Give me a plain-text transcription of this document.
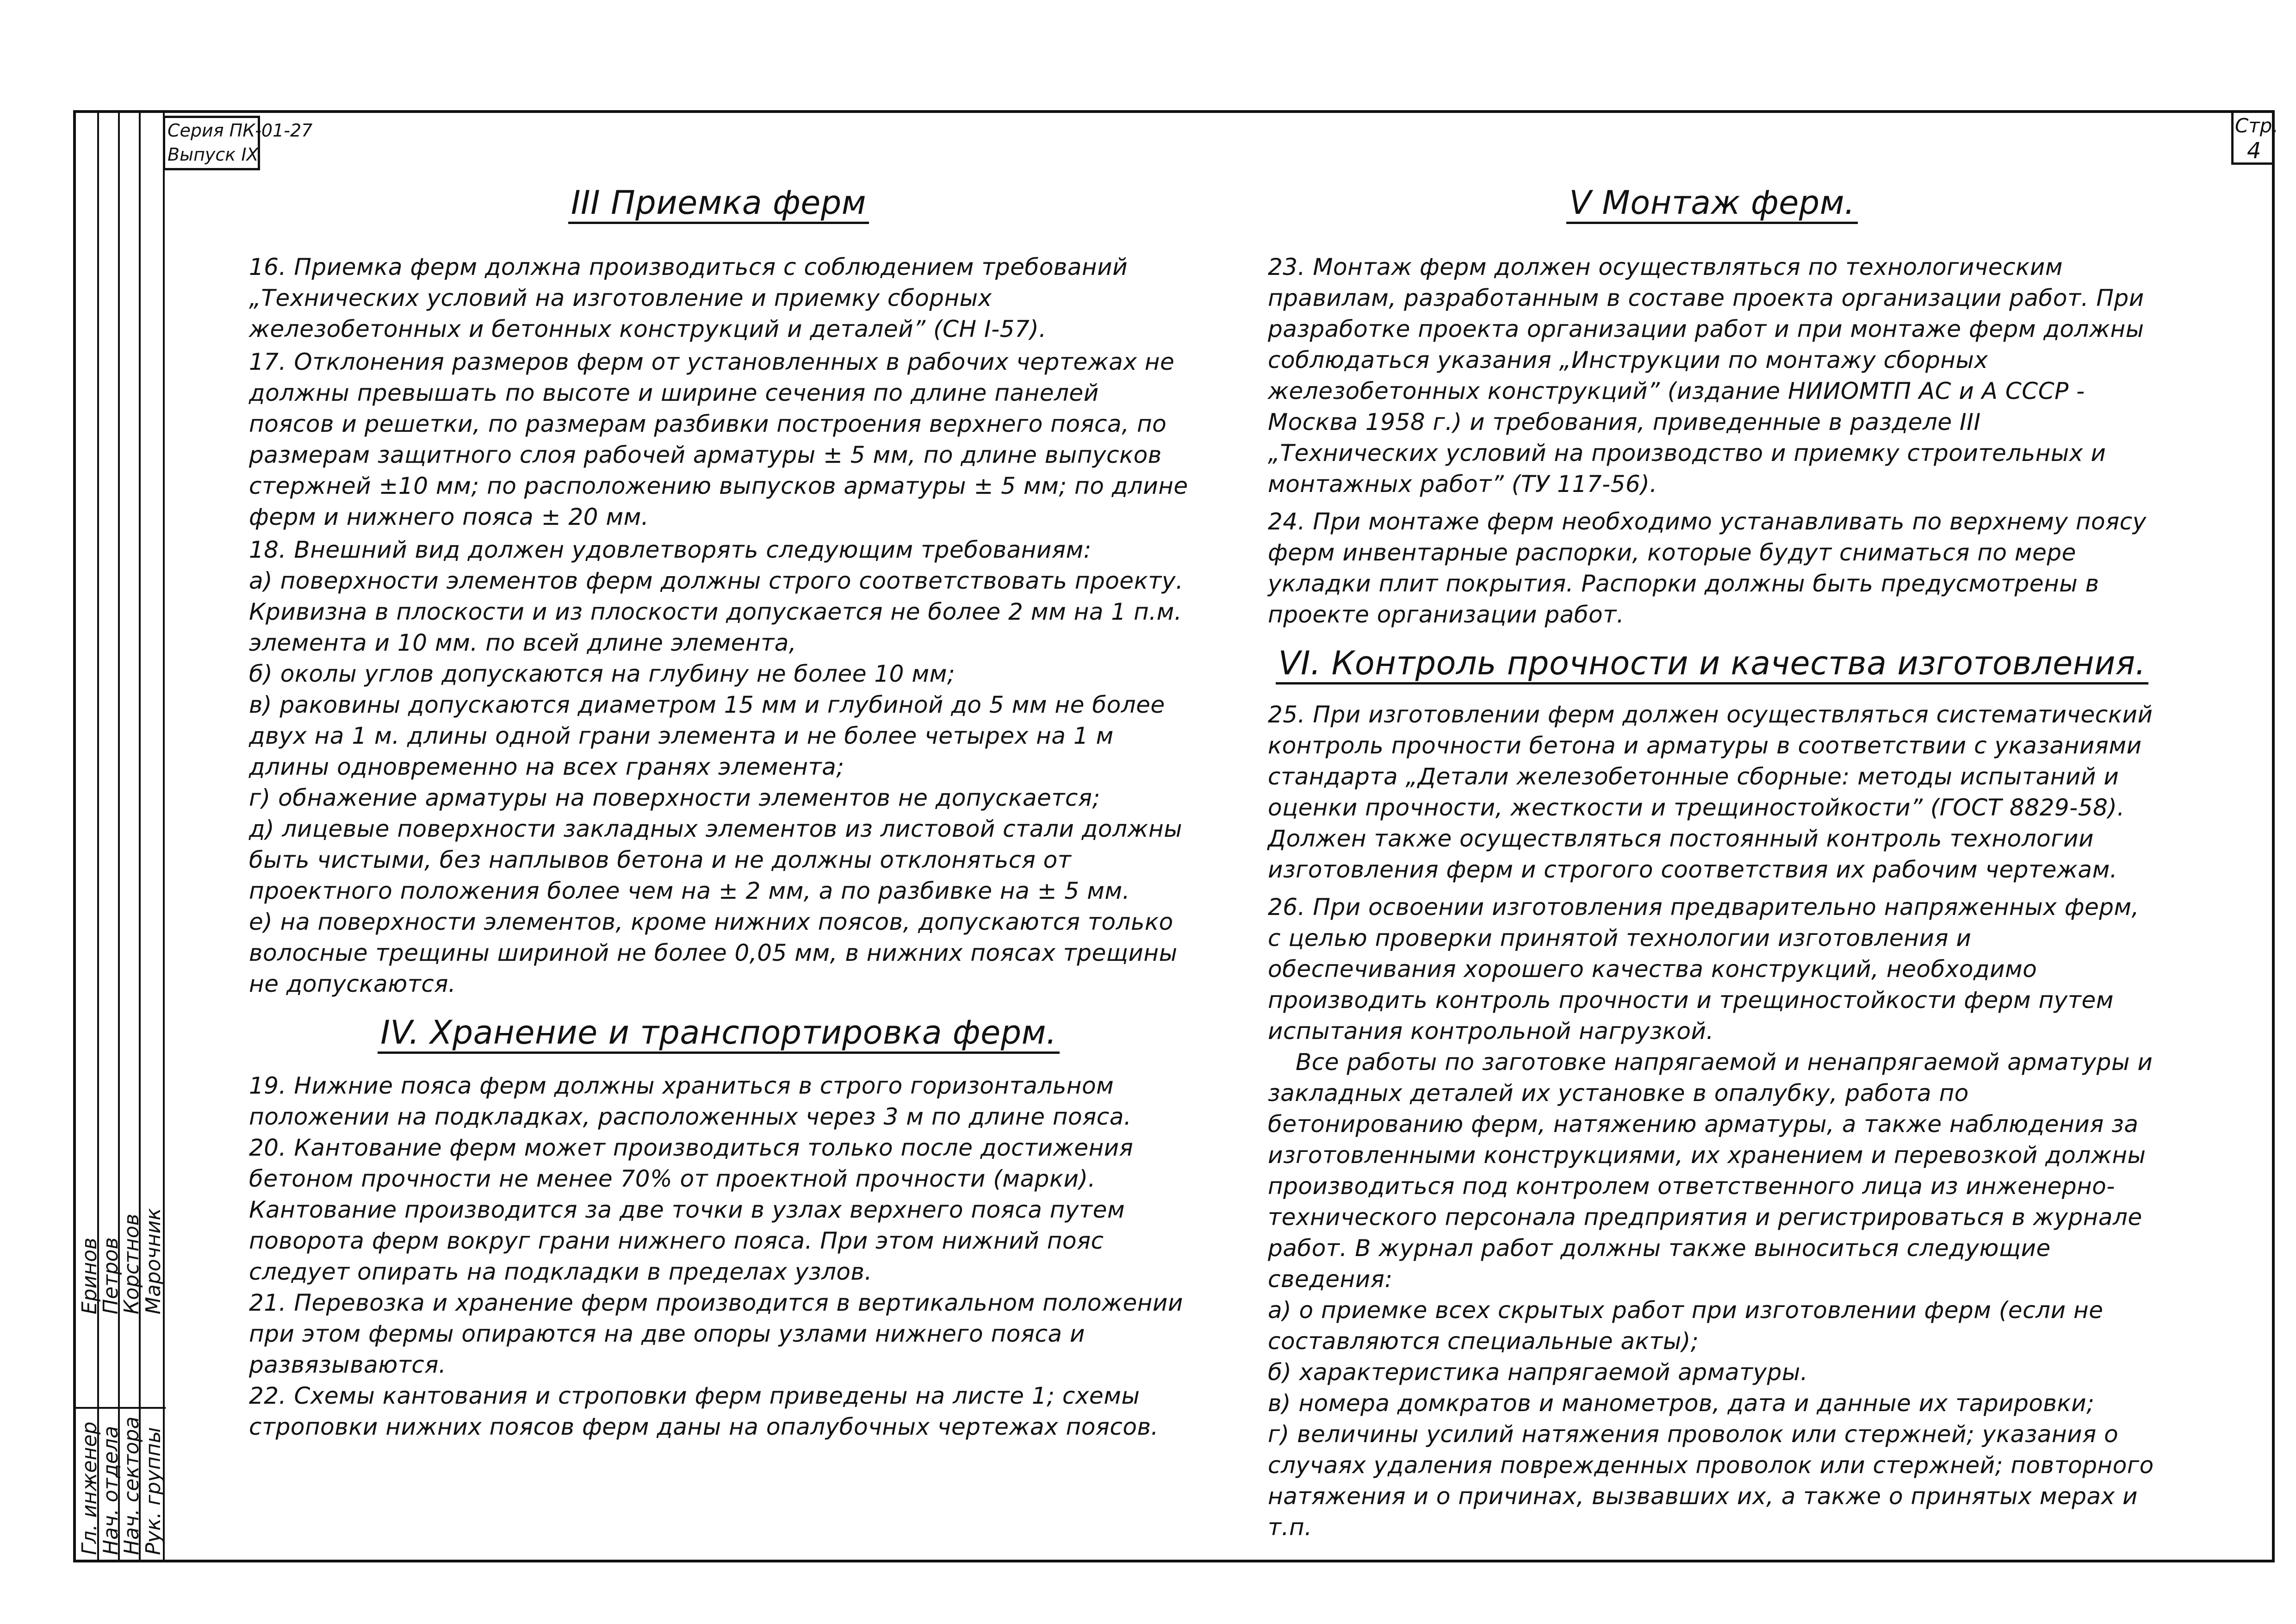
Гл. инженер
Нач. отдела
Нач. сектора
Рук. группы
Еринов
Петров
Корстнов
Марочник
Серия ПК-01-27
Выпуск IX
Стр.
4

III Приемка ферм

16. Приемка ферм должна производиться с соблюдением требований „Технических условий на изготовление и приемку сборных железобетонных и бетонных конструкций и деталей” (СН I-57).

17. Отклонения размеров ферм от установленных в рабочих чертежах не должны превышать по высоте и ширине сечения по длине панелей поясов и решетки, по размерам разбивки построения верхнего пояса, по размерам защитного слоя рабочей арматуры ± 5 мм, по длине выпусков стержней ±10 мм; по расположению выпусков арматуры ± 5 мм; по длине ферм и нижнего пояса ± 20 мм.

18. Внешний вид должен удовлетворять следующим требованиям:

а) поверхности элементов ферм должны строго соответствовать проекту. Кривизна в плоскости и из плоскости допускается не более 2 мм на 1 п.м. элемента и 10 мм. по всей длине элемента,

б) околы углов допускаются на глубину не более 10 мм;

в) раковины допускаются диаметром 15 мм и глубиной до 5 мм не более двух на 1 м. длины одной грани элемента и не более четырех на 1 м длины одновременно на всех гранях элемента;

г) обнажение арматуры на поверхности элементов не допускается;

д) лицевые поверхности закладных элементов из листовой стали должны быть чистыми, без наплывов бетона и не должны отклоняться от проектного положения более чем на ± 2 мм, а по разбивке на ± 5 мм.

е) на поверхности элементов, кроме нижних поясов, допускаются только волосные трещины шириной не более 0,05 мм, в нижних поясах трещины не допускаются.

IV. Хранение и транспортировка ферм.

19. Нижние пояса ферм должны храниться в строго горизонтальном положении на подкладках, расположенных через 3 м по длине пояса.

20. Кантование ферм может производиться только после достижения бетоном прочности не менее 70% от проектной прочности (марки). Кантование производится за две точки в узлах верхнего пояса путем поворота ферм вокруг грани нижнего пояса. При этом нижний пояс следует опирать на подкладки в пределах узлов.

21. Перевозка и хранение ферм производится в вертикальном положении при этом фермы опираются на две опоры узлами нижнего пояса и развязываются.

22. Схемы кантования и строповки ферм приведены на листе 1; схемы строповки нижних поясов ферм даны на опалубочных чертежах поясов.

V Монтаж ферм.

23. Монтаж ферм должен осуществляться по технологическим правилам, разработанным в составе проекта организации работ. При разработке проекта организации работ и при монтаже ферм должны соблюдаться указания „Инструкции по монтажу сборных железобетонных конструкций” (издание НИИОМТП АС и А СССР - Москва 1958 г.) и требования, приведенные в разделе III „Технических условий на производство и приемку строительных и монтажных работ” (ТУ 117-56).

24. При монтаже ферм необходимо устанавливать по верхнему поясу ферм инвентарные распорки, которые будут сниматься по мере укладки плит покрытия. Распорки должны быть предусмотрены в проекте организации работ.

VI. Контроль прочности и качества изготовления.

25. При изготовлении ферм должен осуществляться систематический контроль прочности бетона и арматуры в соответствии с указаниями стандарта „Детали железобетонные сборные: методы испытаний и оценки прочности, жесткости и трещиностойкости” (ГОСТ 8829-58). Должен также осуществляться постоянный контроль технологии изготовления ферм и строгого соответствия их рабочим чертежам.

26. При освоении изготовления предварительно напряженных ферм, с целью проверки принятой технологии изготовления и обеспечивания хорошего качества конструкций, необходимо производить контроль прочности и трещиностойкости ферм путем испытания контрольной нагрузкой.

Все работы по заготовке напрягаемой и ненапрягаемой арматуры и закладных деталей их установке в опалубку, работа по бетонированию ферм, натяжению арматуры, а также наблюдения за изготовленными конструкциями, их хранением и перевозкой должны производиться под контролем ответственного лица из инженерно-технического персонала предприятия и регистрироваться в журнале работ. В журнал работ должны также выноситься следующие сведения:

а) о приемке всех скрытых работ при изготовлении ферм (если не составляются специальные акты);

б) характеристика напрягаемой арматуры.

в) номера домкратов и манометров, дата и данные их тарировки;

г) величины усилий натяжения проволок или стержней; указания о случаях удаления поврежденных проволок или стержней; повторного натяжения и о причинах, вызвавших их, а также о принятых мерах и т.п.
